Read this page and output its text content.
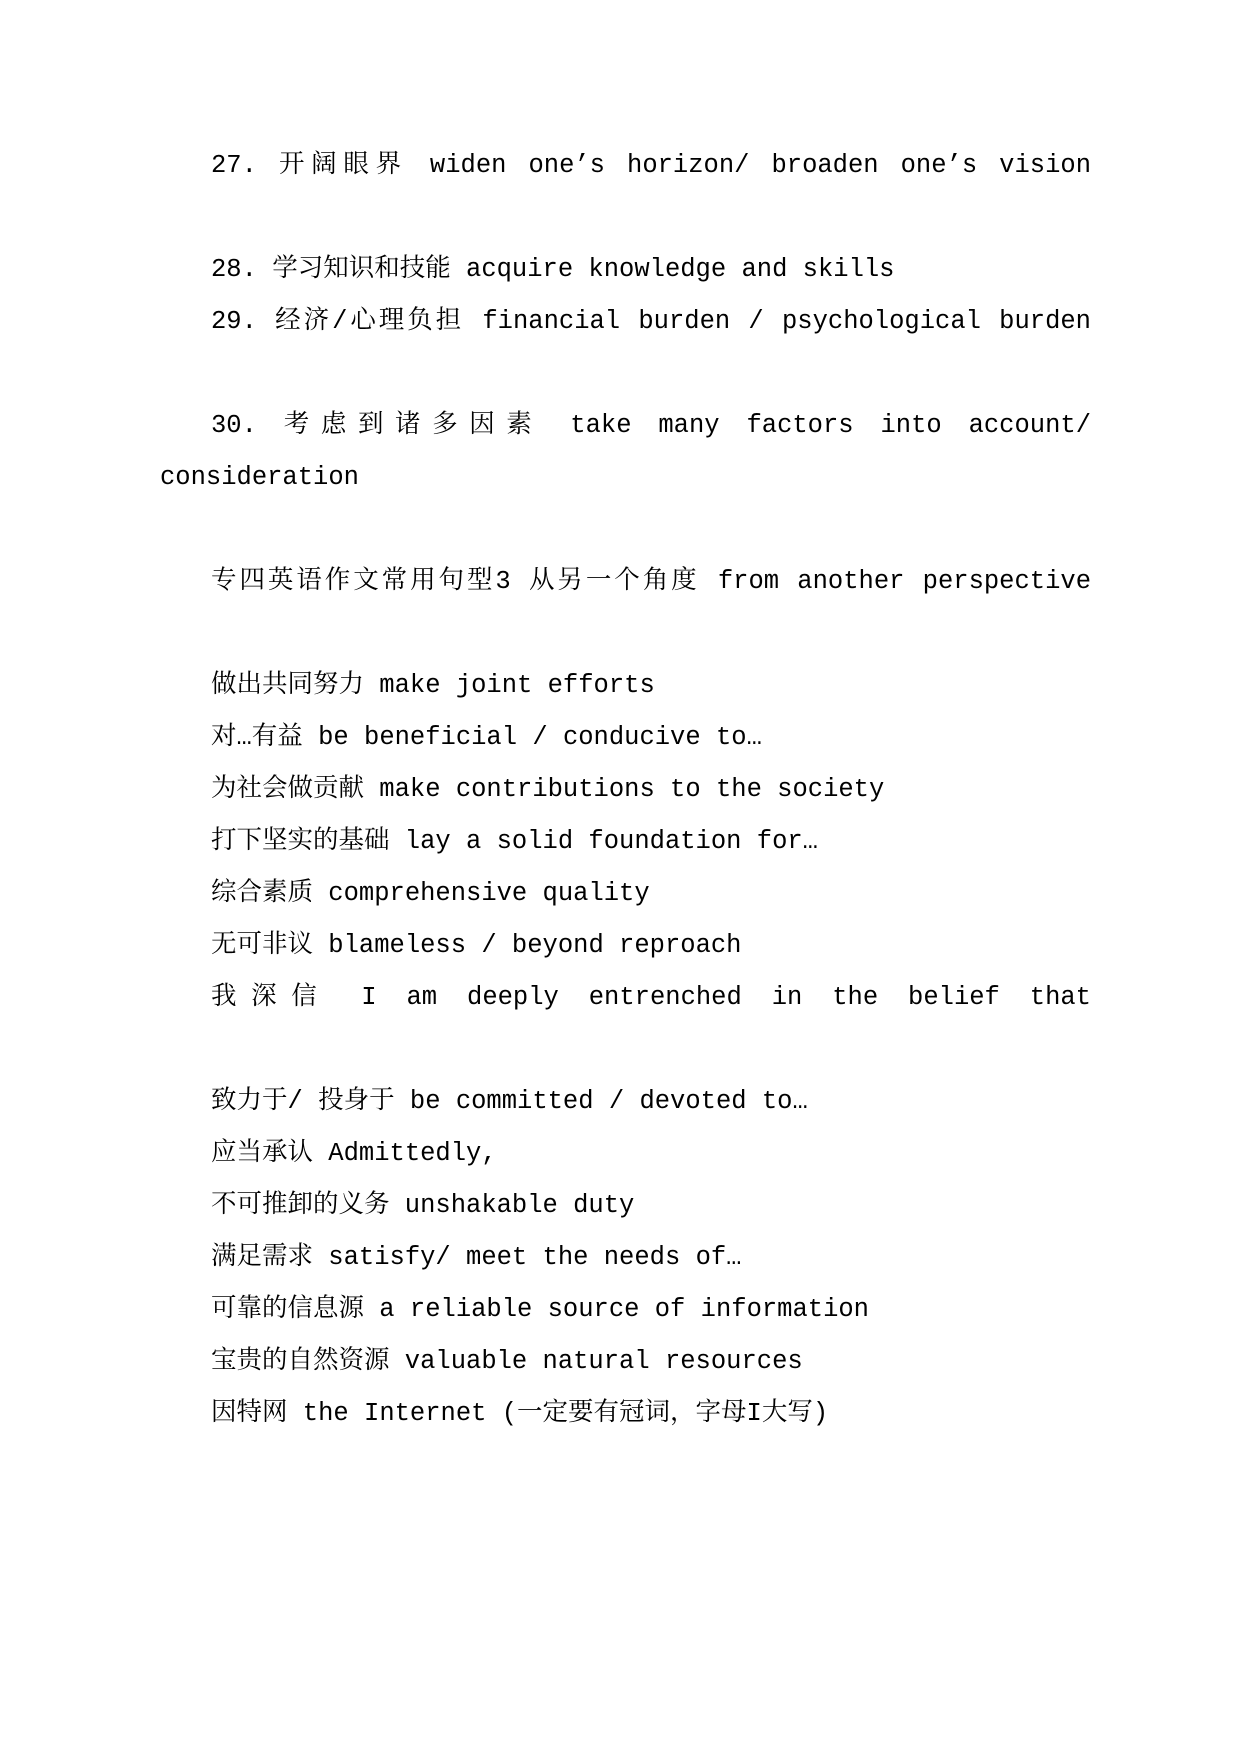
27. 开阔眼界 widen one’s horizon/ broaden one’s vision

28. 学习知识和技能 acquire knowledge and skills

29. 经济/心理负担 financial burden / psychological burden

30. 考虑到诸多因素 take many factors into account/ consideration

专四英语作文常用句型3 从另一个角度 from another perspective

做出共同努力 make joint efforts

对…有益 be beneficial / conducive to…

为社会做贡献 make contributions to the society

打下坚实的基础 lay a solid foundation for…

综合素质 comprehensive quality

无可非议 blameless / beyond reproach

我深信 I am deeply entrenched in the belief that

致力于/ 投身于 be committed / devoted to…

应当承认 Admittedly,

不可推卸的义务 unshakable duty

满足需求 satisfy/ meet the needs of…

可靠的信息源 a reliable source of information

宝贵的自然资源 valuable natural resources

因特网 the Internet (一定要有冠词，字母I大写)
